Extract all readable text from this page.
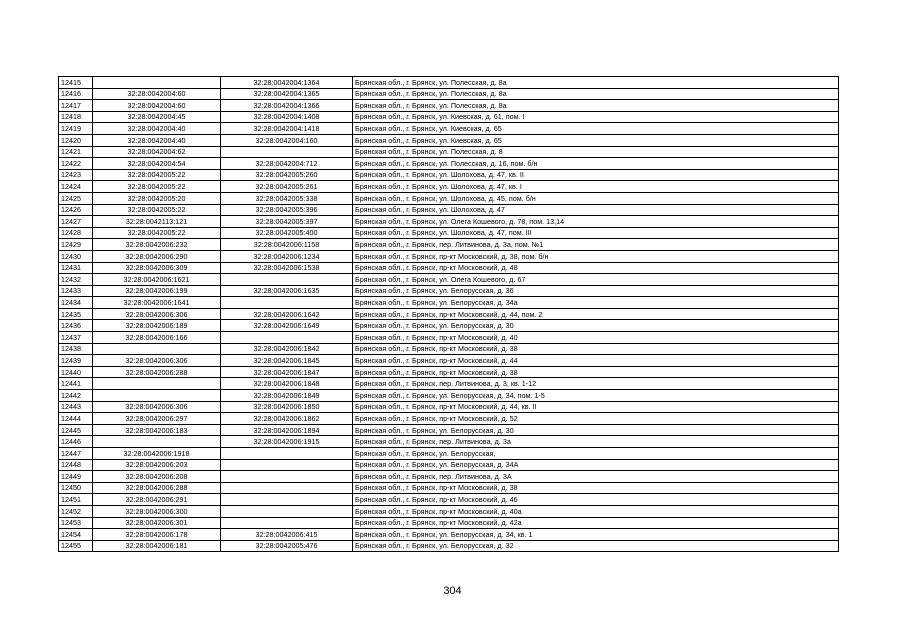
12415		32:28:0042004:1364	Брянская обл., г. Брянск, ул. Полесская, д. 8а
12416	32:28:0042004:60	32:28:0042004:1365	Брянская обл., г. Брянск, ул. Полесская, д. 8а
12417	32:28:0042004:60	32:28:0042004:1366	Брянская обл., г. Брянск, ул. Полесская, д. 8а
12418	32:28:0042004:45	32:28:0042004:1408	Брянская обл., г. Брянск, ул. Киевская, д. 61, пом. I
12419	32:28:0042004:40	32:28:0042004:1418	Брянская обл., г. Брянск, ул. Киевская, д. 65
12420	32:28:0042004:40	32:28:0042004:160	Брянская обл., г. Брянск, ул. Киевская, д. 65
12421	32:28:0042004:62		Брянская обл., г. Брянск, ул. Полесская, д. 8
12422	32:28:0042004:54	32:28:0042004:712	Брянская обл., г. Брянск, ул. Полесская, д. 16, пом. б/н
12423	32:28:0042005:22	32:28:0042005:260	Брянская обл., г. Брянск, ул. Шолохова, д. 47, кв. II
12424	32:28:0042005:22	32:28:0042005:261	Брянская обл., г. Брянск, ул. Шолохова, д. 47, кв. I
12425	32:28:0042005:20	32:28:0042005:338	Брянская обл., г. Брянск, ул. Шолохова, д. 45, пом. б/н
12426	32:28:0042005:22	32:28:0042005:396	Брянская обл., г. Брянск, ул. Шолохова, д. 47
12427	32:28:0042113:121	32:28:0042005:397	Брянская обл., г. Брянск, ул. Олега Кошевого, д. 78, пом. 13,14
12428	32:28:0042005:22	32:28:0042005:400	Брянская обл., г. Брянск, ул. Шолохова, д. 47, пом. III
12429	32:28:0042006:232	32:28:0042006:1158	Брянская обл., г. Брянск, пер. Литвинова, д. 3а, пом. №1
12430	32:28:0042006:290	32:28:0042006:1234	Брянская обл., г. Брянск, пр-кт Московский, д. 38, пом. б/н
12431	32:28:0042006:309	32:28:0042006:1538	Брянская обл., г. Брянск, пр-кт Московский, д. 48
12432	32:28:0042006:1621		Брянская обл., г. Брянск, ул. Олега Кошевого, д. 67
12433	32:28:0042006:199	32:28:0042006:1635	Брянская обл., г. Брянск, ул. Белорусская, д. 36
12434	32:28:0042006:1641		Брянская обл., г. Брянск, ул. Белорусская, д. 34а
12435	32:28:0042006:306	32:28:0042006:1642	Брянская обл., г. Брянск, пр-кт Московский, д. 44, пом. 2
12436	32:28:0042006:189	32:28:0042006:1649	Брянская обл., г. Брянск, ул. Белорусская, д. 30
12437	32:28:0042006:166		Брянская обл., г. Брянск, пр-кт Московский, д. 40
12438		32:28:0042006:1842	Брянская обл., г. Брянск, пр-кт Московский, д. 38
12439	32:28:0042006:306	32:28:0042006:1845	Брянская обл., г. Брянск, пр-кт Московский, д. 44
12440	32:28:0042006:288	32:28:0042006:1847	Брянская обл., г. Брянск, пр-кт Московский, д. 38
12441		32:28:0042006:1848	Брянская обл., г. Брянск, пер. Литвинова, д. 3, кв. 1-12
12442		32:28:0042006:1849	Брянская обл., г. Брянск, ул. Белорусская, д. 34, пом. 1-5
12443	32:28:0042006:306	32:28:0042006:1850	Брянская обл., г. Брянск, пр-кт Московский, д. 44, кв. II
12444	32:28:0042006:297	32:28:0042006:1862	Брянская обл., г. Брянск, пр-кт Московский, д. 52
12445	32:28:0042006:183	32:28:0042006:1894	Брянская обл., г. Брянск, ул. Белорусская, д. 30
12446		32:28:0042006:1915	Брянская обл., г. Брянск, пер. Литвинова, д. 3а
12447	32:28:0042006:1918		Брянская обл., г. Брянск, ул. Белорусская,
12448	32:28:0042006:203		Брянская обл., г. Брянск, ул. Белорусская, д. 34А
12449	32:28:0042006:208		Брянская обл., г. Брянск, пер. Литвинова, д. 3А
12450	32:28:0042006:288		Брянская обл., г. Брянск, пр-кт Московский, д. 38
12451	32:28:0042006:291		Брянская обл., г. Брянск, пр-кт Московский, д. 46
12452	32:28:0042006:300		Брянская обл., г. Брянск, пр-кт Московский, д. 40а
12453	32:28:0042006:301		Брянская обл., г. Брянск, пр-кт Московский, д. 42а
12454	32:28:0042006:178	32:28:0042006:415	Брянская обл., г. Брянск, ул. Белорусская, д. 34, кв. 1
12455	32:28:0042006:181	32:28:0042005:476	Брянская обл., г. Брянск, ул. Белорусская, д. 32
304
